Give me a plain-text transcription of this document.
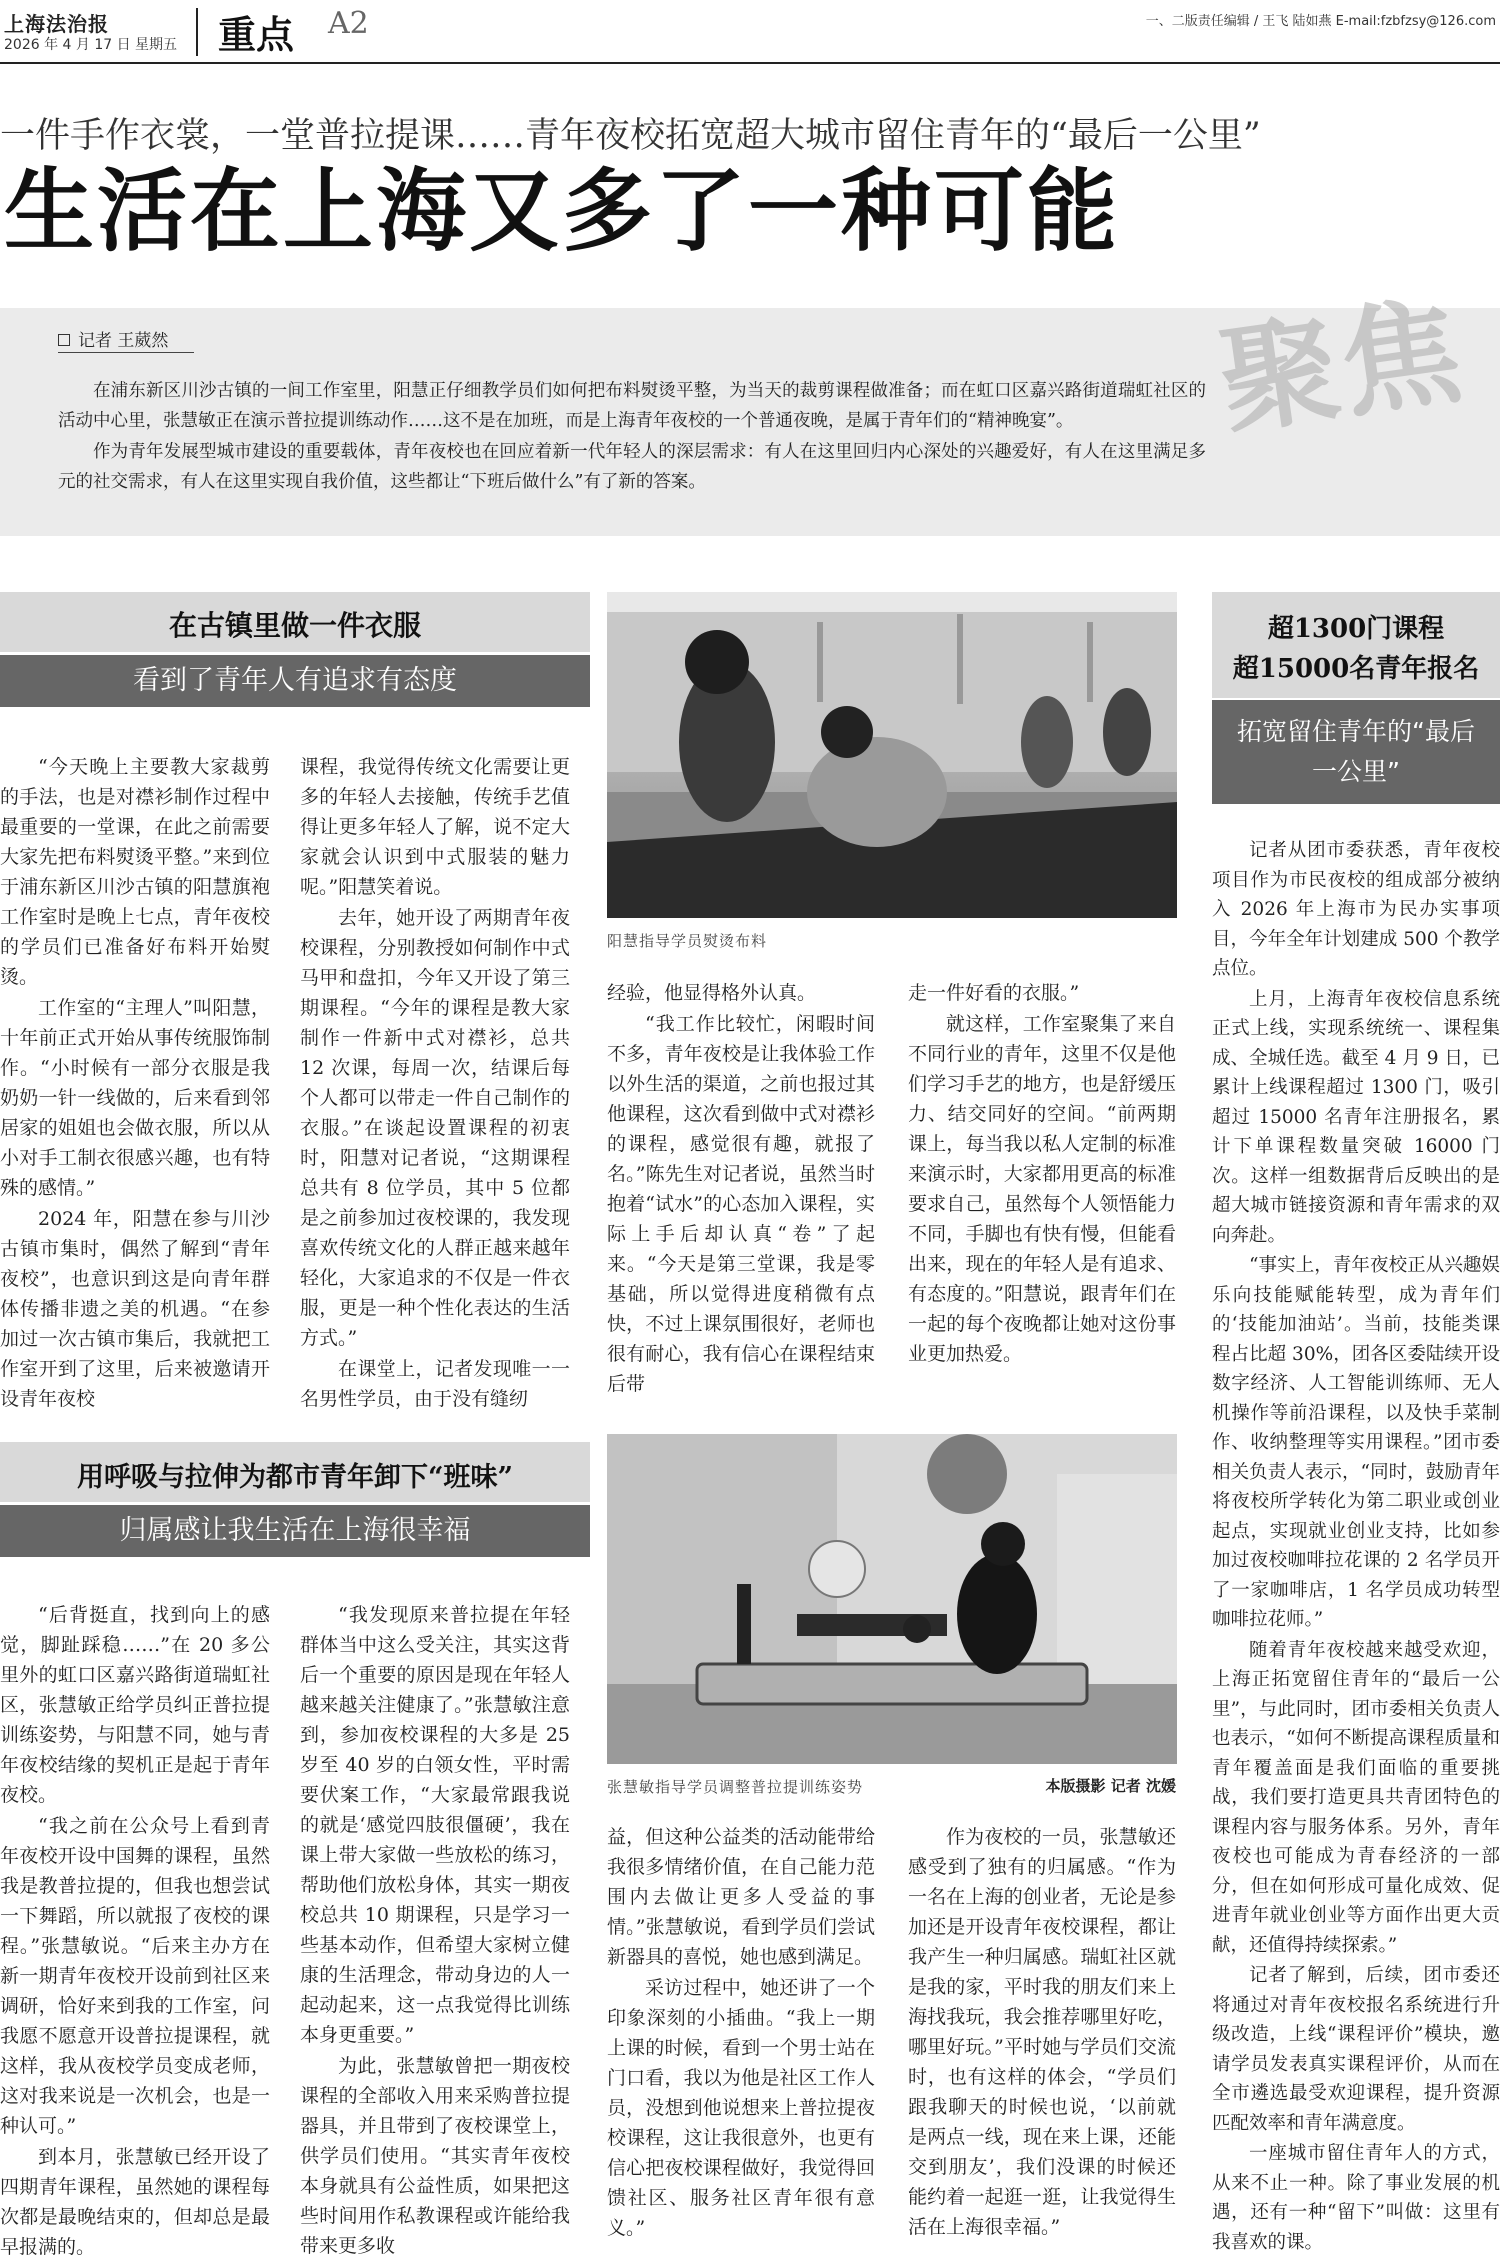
上海法治报
2026 年 4 月 17 日 星期五 重点 A2	一、二版责任编辑 / 王飞 陆如燕 E-mail:fzbfzsy@126.com
一件手作衣裳，一堂普拉提课……青年夜校拓宽超大城市留住青年的“最后一公里”
生活在上海又多了一种可能
聚焦
记者 王葳然

在浦东新区川沙古镇的一间工作室里，阳慧正仔细教学员们如何把布料熨烫平整，为当天的裁剪课程做准备；而在虹口区嘉兴路街道瑞虹社区的活动中心里，张慧敏正在演示普拉提训练动作……这不是在加班，而是上海青年夜校的一个普通夜晚，是属于青年们的“精神晚宴”。

作为青年发展型城市建设的重要载体，青年夜校也在回应着新一代年轻人的深层需求：有人在这里回归内心深处的兴趣爱好，有人在这里满足多元的社交需求，有人在这里实现自我价值，这些都让“下班后做什么”有了新的答案。

在古镇里做一件衣服
看到了青年人有追求有态度
阳慧指导学员熨烫布料

“今天晚上主要教大家裁剪的手法，也是对襟衫制作过程中最重要的一堂课，在此之前需要大家先把布料熨烫平整。”来到位于浦东新区川沙古镇的阳慧旗袍工作室时是晚上七点，青年夜校的学员们已准备好布料开始熨烫。

工作室的“主理人”叫阳慧，十年前正式开始从事传统服饰制作。“小时候有一部分衣服是我奶奶一针一线做的，后来看到邻居家的姐姐也会做衣服，所以从小对手工制衣很感兴趣，也有特殊的感情。”

2024 年，阳慧在参与川沙古镇市集时，偶然了解到“青年夜校”，也意识到这是向青年群体传播非遗之美的机遇。“在参加过一次古镇市集后，我就把工作室开到了这里，后来被邀请开设青年夜校

课程，我觉得传统文化需要让更多的年轻人去接触，传统手艺值得让更多年轻人了解，说不定大家就会认识到中式服装的魅力呢。”阳慧笑着说。

去年，她开设了两期青年夜校课程，分别教授如何制作中式马甲和盘扣，今年又开设了第三期课程。“今年的课程是教大家制作一件新中式对襟衫，总共 12 次课，每周一次，结课后每个人都可以带走一件自己制作的衣服。”在谈起设置课程的初衷时，阳慧对记者说，“这期课程总共有 8 位学员，其中 5 位都是之前参加过夜校课的，我发现喜欢传统文化的人群正越来越年轻化，大家追求的不仅是一件衣服，更是一种个性化表达的生活方式。”

在课堂上，记者发现唯一一名男性学员，由于没有缝纫

经验，他显得格外认真。

“我工作比较忙，闲暇时间不多，青年夜校是让我体验工作以外生活的渠道，之前也报过其他课程，这次看到做中式对襟衫的课程，感觉很有趣，就报了名。”陈先生对记者说，虽然当时抱着“试水”的心态加入课程，实际上手后却认真“卷”了起来。“今天是第三堂课，我是零基础，所以觉得进度稍微有点快，不过上课氛围很好，老师也很有耐心，我有信心在课程结束后带

走一件好看的衣服。”

就这样，工作室聚集了来自不同行业的青年，这里不仅是他们学习手艺的地方，也是舒缓压力、结交同好的空间。“前两期课上，每当我以私人定制的标准来演示时，大家都用更高的标准要求自己，虽然每个人领悟能力不同，手脚也有快有慢，但能看出来，现在的年轻人是有追求、有态度的。”阳慧说，跟青年们在一起的每个夜晚都让她对这份事业更加热爱。

用呼吸与拉伸为都市青年卸下“班味”
归属感让我生活在上海很幸福
张慧敏指导学员调整普拉提训练姿势	本版摄影 记者 沈媛

“后背挺直，找到向上的感觉，脚趾踩稳……”在 20 多公里外的虹口区嘉兴路街道瑞虹社区，张慧敏正给学员纠正普拉提训练姿势，与阳慧不同，她与青年夜校结缘的契机正是起于青年夜校。

“我之前在公众号上看到青年夜校开设中国舞的课程，虽然我是教普拉提的，但我也想尝试一下舞蹈，所以就报了夜校的课程。”张慧敏说。“后来主办方在新一期青年夜校开设前到社区来调研，恰好来到我的工作室，问我愿不愿意开设普拉提课程，就这样，我从夜校学员变成老师，这对我来说是一次机会，也是一种认可。”

到本月，张慧敏已经开设了四期青年课程，虽然她的课程每次都是最晚结束的，但却总是最早报满的。

“我发现原来普拉提在年轻群体当中这么受关注，其实这背后一个重要的原因是现在年轻人越来越关注健康了。”张慧敏注意到，参加夜校课程的大多是 25 岁至 40 岁的白领女性，平时需要伏案工作，“大家最常跟我说的就是‘感觉四肢很僵硬’，我在课上带大家做一些放松的练习，帮助他们放松身体，其实一期夜校总共 10 期课程，只是学习一些基本动作，但希望大家树立健康的生活理念，带动身边的人一起动起来，这一点我觉得比训练本身更重要。”

为此，张慧敏曾把一期夜校课程的全部收入用来采购普拉提器具，并且带到了夜校课堂上，供学员们使用。“其实青年夜校本身就具有公益性质，如果把这些时间用作私教课程或许能给我带来更多收

益，但这种公益类的活动能带给我很多情绪价值，在自己能力范围内去做让更多人受益的事情。”张慧敏说，看到学员们尝试新器具的喜悦，她也感到满足。

采访过程中，她还讲了一个印象深刻的小插曲。“我上一期上课的时候，看到一个男士站在门口看，我以为他是社区工作人员，没想到他说想来上普拉提夜校课程，这让我很意外，也更有信心把夜校课程做好，我觉得回馈社区、服务社区青年很有意义。”

作为夜校的一员，张慧敏还感受到了独有的归属感。“作为一名在上海的创业者，无论是参加还是开设青年夜校课程，都让我产生一种归属感。瑞虹社区就是我的家，平时我的朋友们来上海找我玩，我会推荐哪里好吃，哪里好玩。”平时她与学员们交流时，也有这样的体会，“学员们跟我聊天的时候也说，‘以前就是两点一线，现在来上课，还能交到朋友’，我们没课的时候还能约着一起逛一逛，让我觉得生活在上海很幸福。”

超1300门课程
超15000名青年报名
拓宽留住青年的“最后一公里”

记者从团市委获悉，青年夜校项目作为市民夜校的组成部分被纳入 2026 年上海市为民办实事项目，今年全年计划建成 500 个教学点位。

上月，上海青年夜校信息系统正式上线，实现系统统一、课程集成、全城任选。截至 4 月 9 日，已累计上线课程超过 1300 门，吸引超过 15000 名青年注册报名，累计下单课程数量突破 16000 门次。这样一组数据背后反映出的是超大城市链接资源和青年需求的双向奔赴。

“事实上，青年夜校正从兴趣娱乐向技能赋能转型，成为青年们的‘技能加油站’。当前，技能类课程占比超 30%，团各区委陆续开设数字经济、人工智能训练师、无人机操作等前沿课程，以及快手菜制作、收纳整理等实用课程。”团市委相关负责人表示，“同时，鼓励青年将夜校所学转化为第二职业或创业起点，实现就业创业支持，比如参加过夜校咖啡拉花课的 2 名学员开了一家咖啡店，1 名学员成功转型咖啡拉花师。”

随着青年夜校越来越受欢迎，上海正拓宽留住青年的“最后一公里”，与此同时，团市委相关负责人也表示，“如何不断提高课程质量和青年覆盖面是我们面临的重要挑战，我们要打造更具共青团特色的课程内容与服务体系。另外，青年夜校也可能成为青春经济的一部分，但在如何形成可量化成效、促进青年就业创业等方面作出更大贡献，还值得持续探索。”

记者了解到，后续，团市委还将通过对青年夜校报名系统进行升级改造，上线“课程评价”模块，邀请学员发表真实课程评价，从而在全市遴选最受欢迎课程，提升资源匹配效率和青年满意度。

一座城市留住青年人的方式，从来不止一种。除了事业发展的机遇，还有一种“留下”叫做：这里有我喜欢的课。
